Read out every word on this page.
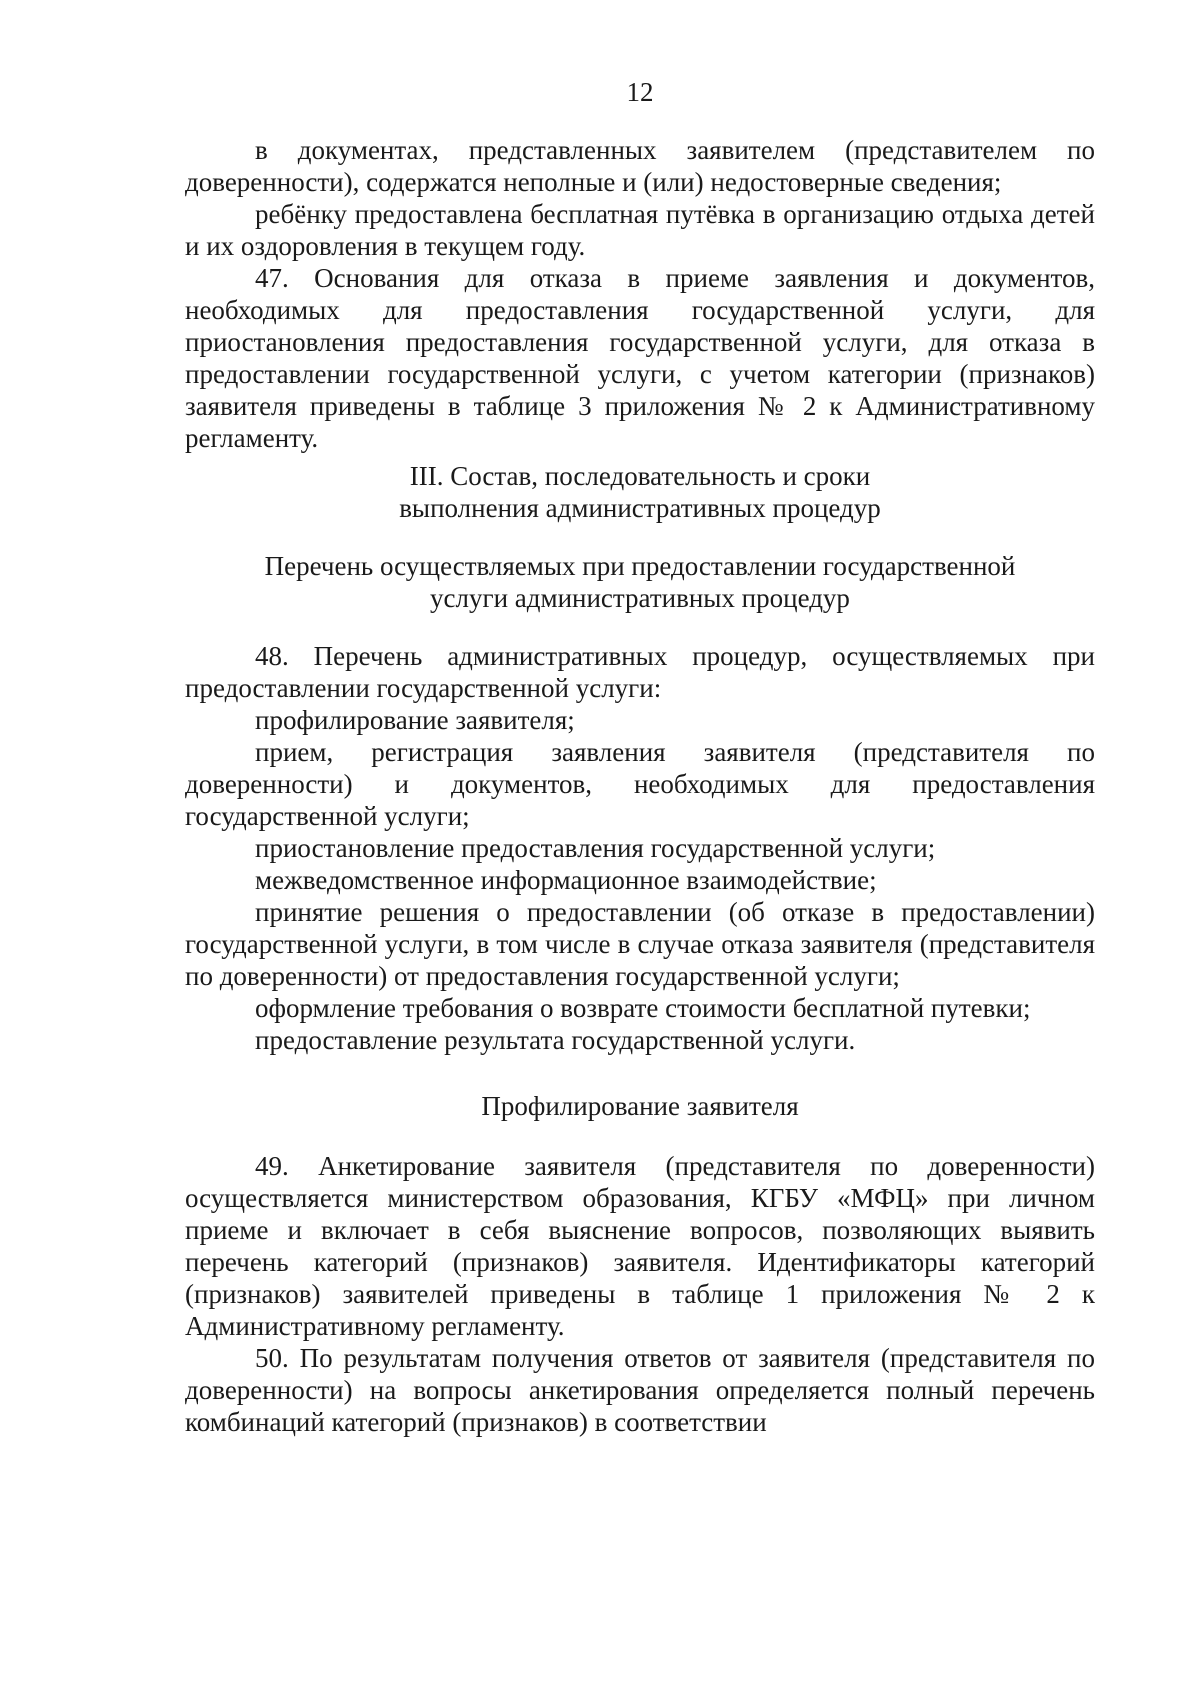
12

в документах, представленных заявителем (представителем по доверенности), содержатся неполные и (или) недостоверные сведения;

ребёнку предоставлена бесплатная путёвка в организацию отдыха детей и их оздоровления в текущем году.

47. Основания для отказа в приеме заявления и документов, необходимых для предоставления государственной услуги, для приостановления предоставления государственной услуги, для отказа в предоставлении государственной услуги, с учетом категории (признаков) заявителя приведены в таблице 3 приложения № 2 к Административному регламенту.

III. Состав, последовательность и сроки
выполнения административных процедур
Перечень осуществляемых при предоставлении государственной
услуги административных процедур

48. Перечень административных процедур, осуществляемых при предоставлении государственной услуги:

профилирование заявителя;

прием, регистрация заявления заявителя (представителя по доверенности) и документов, необходимых для предоставления государственной услуги;

приостановление предоставления государственной услуги;

межведомственное информационное взаимодействие;

принятие решения о предоставлении (об отказе в предоставлении) государственной услуги, в том числе в случае отказа заявителя (представителя по доверенности) от предоставления государственной услуги;

оформление требования о возврате стоимости бесплатной путевки;

предоставление результата государственной услуги.

Профилирование заявителя

49. Анкетирование заявителя (представителя по доверенности) осуществляется министерством образования, КГБУ «МФЦ» при личном приеме и включает в себя выяснение вопросов, позволяющих выявить перечень категорий (признаков) заявителя. Идентификаторы категорий (признаков) заявителей приведены в таблице 1 приложения № 2 к Административному регламенту.

50. По результатам получения ответов от заявителя (представителя по доверенности) на вопросы анкетирования определяется полный перечень комбинаций категорий (признаков) в соответствии
